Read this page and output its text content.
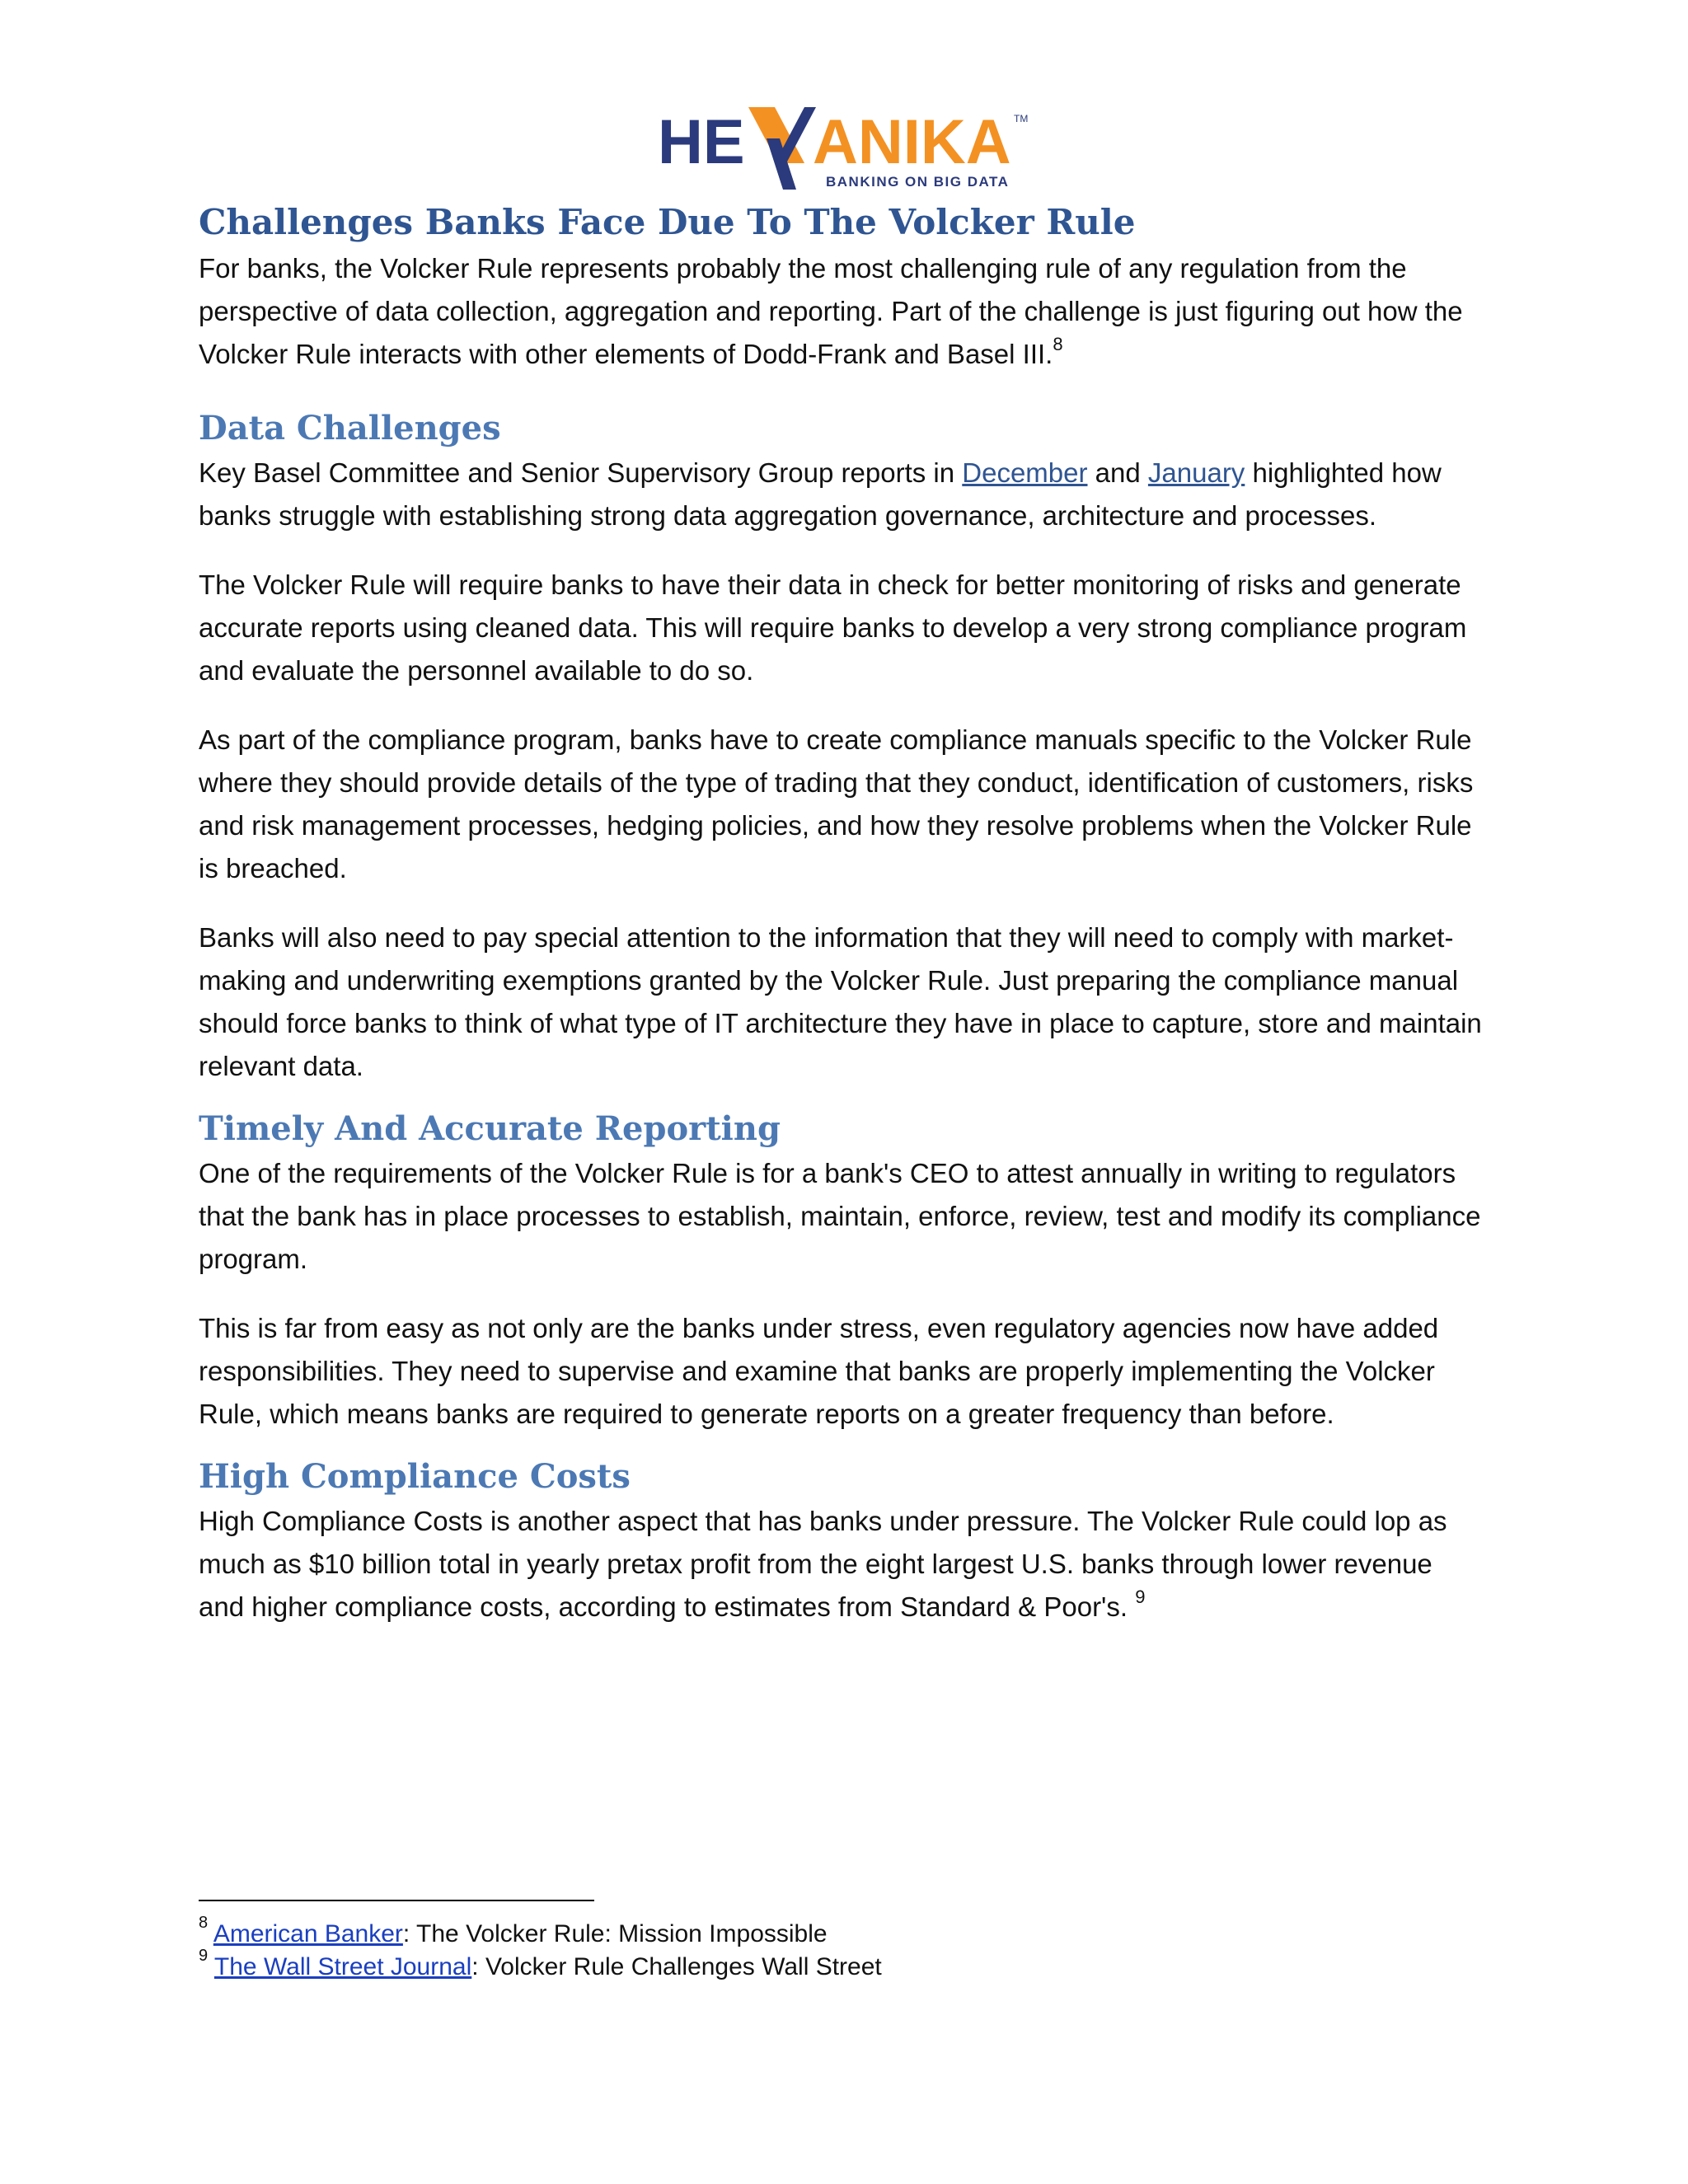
HE ANIKA TM
BANKING ON BIG DATA
Challenges Banks Face Due To The Volcker Rule

For banks, the Volcker Rule represents probably the most challenging rule of any regulation from the perspective of data collection, aggregation and reporting. Part of the challenge is just figuring out how the Volcker Rule interacts with other elements of Dodd-Frank and Basel III.$^8$

Data Challenges

Key Basel Committee and Senior Supervisory Group reports in December and January highlighted how banks struggle with establishing strong data aggregation governance, architecture and processes.

The Volcker Rule will require banks to have their data in check for better monitoring of risks and generate accurate reports using cleaned data. This will require banks to develop a very strong compliance program and evaluate the personnel available to do so.

As part of the compliance program, banks have to create compliance manuals specific to the Volcker Rule where they should provide details of the type of trading that they conduct, identification of customers, risks and risk management processes, hedging policies, and how they resolve problems when the Volcker Rule is breached.

Banks will also need to pay special attention to the information that they will need to comply with market-making and underwriting exemptions granted by the Volcker Rule. Just preparing the compliance manual should force banks to think of what type of IT architecture they have in place to capture, store and maintain relevant data.

Timely And Accurate Reporting

One of the requirements of the Volcker Rule is for a bank's CEO to attest annually in writing to regulators that the bank has in place processes to establish, maintain, enforce, review, test and modify its compliance program.

This is far from easy as not only are the banks under stress, even regulatory agencies now have added responsibilities. They need to supervise and examine that banks are properly implementing the Volcker Rule, which means banks are required to generate reports on a greater frequency than before.

High Compliance Costs

High Compliance Costs is another aspect that has banks under pressure. The Volcker Rule could lop as much as $10 billion total in yearly pretax profit from the eight largest U.S. banks through lower revenue and higher compliance costs, according to estimates from Standard & Poor's. $^9$

$^8$ American Banker: The Volcker Rule: Mission Impossible

$^9$ The Wall Street Journal: Volcker Rule Challenges Wall Street
